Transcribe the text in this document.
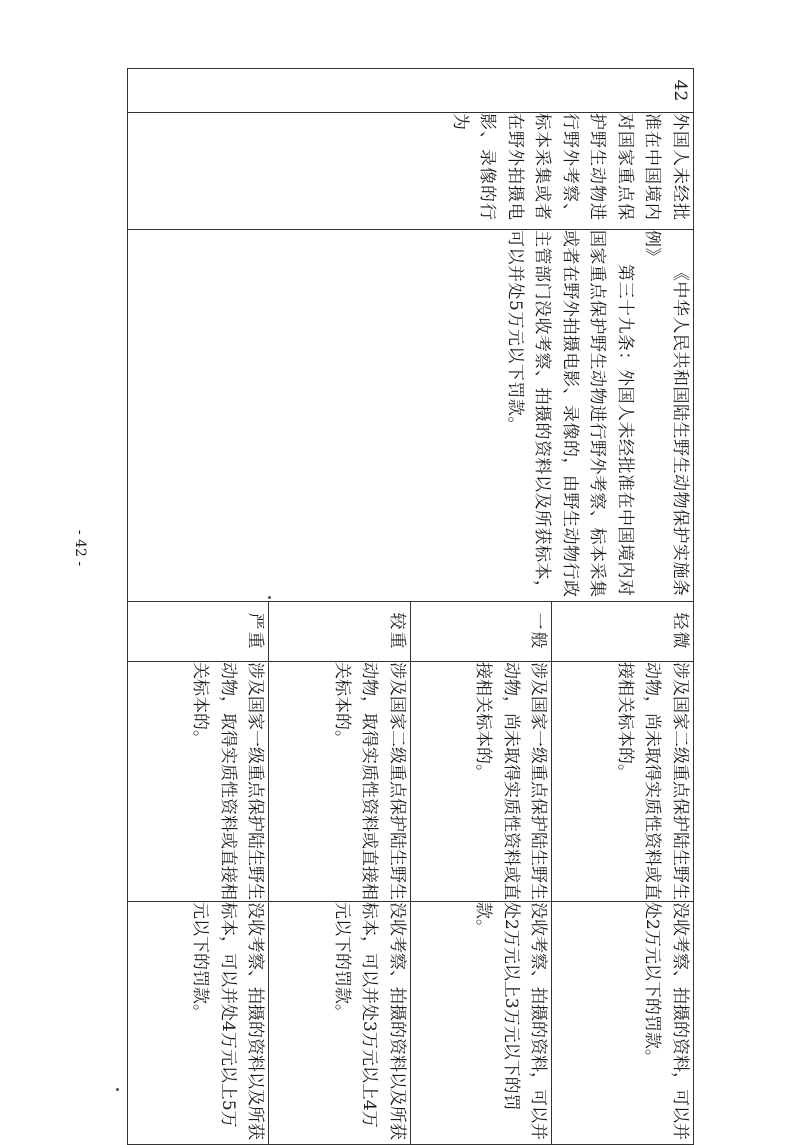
42	外国人未经批准在中国境内对国家重点保护野生动物进行野外考察、标本采集或者在野外拍摄电影、录像的行为	《中华人民共和国陆生野生动物保护实施条例》

第三十九条：外国人未经批准在中国境内对国家重点保护野生动物进行野外考察、标本采集或者在野外拍摄电影、录像的，由野生动物行政主管部门没收考察、拍摄的资料以及所获标本，可以并处5万元以下罚款。	轻微	涉及国家二级重点保护陆生野生动物，尚未取得实质性资料或直接相关标本的。	没收考察、拍摄的资料，可以并处2万元以下的罚款。
			一般	涉及国家一级重点保护陆生野生动物，尚未取得实质性资料或直接相关标本的。	没收考察、拍摄的资料，可以并处2万元以上3万元以下的罚款。
			较重	涉及国家二级重点保护陆生野生动物，取得实质性资料或直接相关标本的。	没收考察、拍摄的资料以及所获标本，可以并处3万元以上4万元以下的罚款。
			严重	涉及国家一级重点保护陆生野生动物，取得实质性资料或直接相关标本的。	没收考察、拍摄的资料以及所获标本，可以并处4万元以上5万元以下的罚款。
- 42 -
